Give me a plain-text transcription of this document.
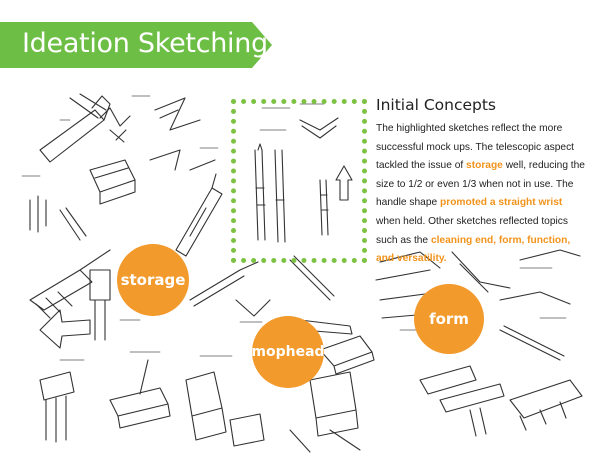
Ideation Sketching
storage
form
mophead
Initial Concepts

The highlighted sketches reflect the more successful mock ups. The telescopic aspect tackled the issue of storage well, reducing the size to 1/2 or even 1/3 when not in use. The handle shape promoted a straight wrist when held. Other sketches reflected topics such as the cleaning end, form, function, and versatility.
